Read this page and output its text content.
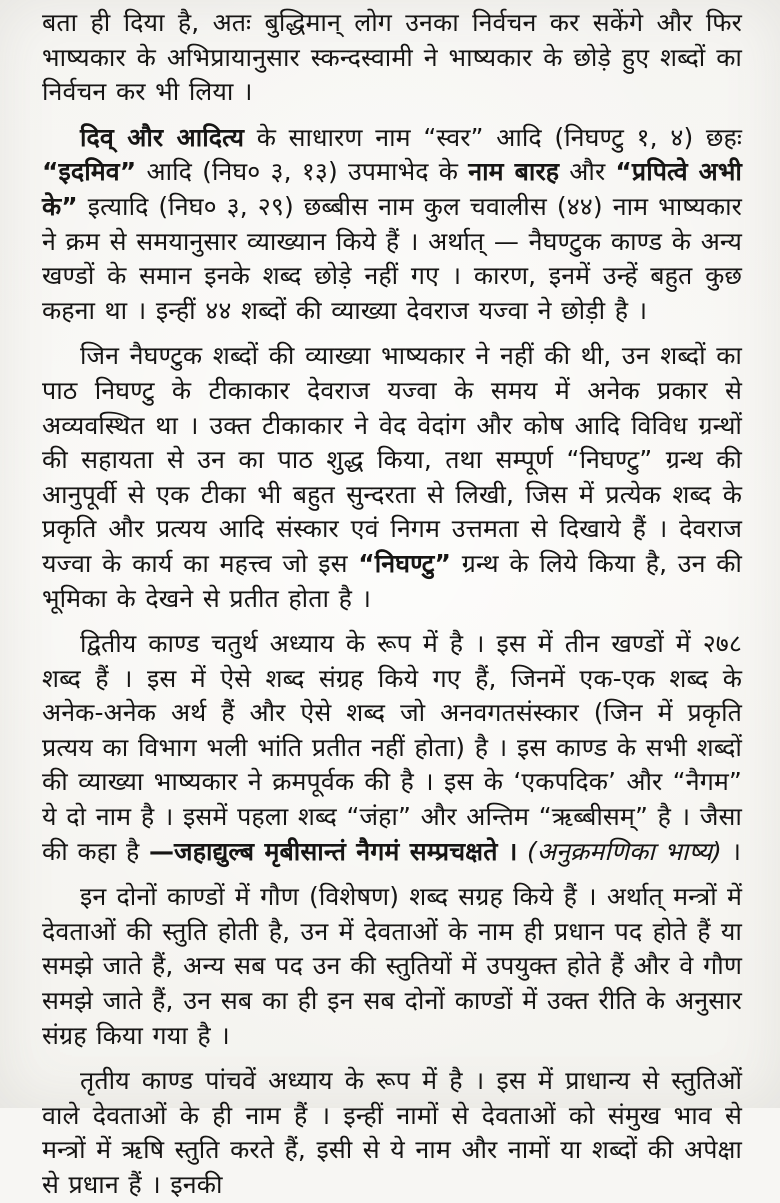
बता ही दिया है, अतः बुद्धिमान् लोग उनका निर्वचन कर सकेंगे और फिर भाष्यकार के अभिप्रायानुसार स्कन्दस्वामी ने भाष्यकार के छोड़े हुए शब्दों का निर्वचन कर भी लिया ।

दिव् और आदित्य के साधारण नाम “स्वर” आदि (निघण्टु १, ४) छहः “इदमिव” आदि (निघ० ३, १३) उपमाभेद के नाम बारह और “प्रपित्वे अभी के” इत्यादि (निघ० ३, २९) छब्बीस नाम कुल चवालीस (४४) नाम भाष्यकार ने क्रम से समयानुसार व्याख्यान किये हैं । अर्थात् — नैघण्टुक काण्ड के अन्य खण्डों के समान इनके शब्द छोड़े नहीं गए । कारण, इनमें उन्हें बहुत कुछ कहना था । इन्हीं ४४ शब्दों की व्याख्या देवराज यज्वा ने छोड़ी है ।

जिन नैघण्टुक शब्दों की व्याख्या भाष्यकार ने नहीं की थी, उन शब्दों का पाठ निघण्टु के टीकाकार देवराज यज्वा के समय में अनेक प्रकार से अव्यवस्थित था । उक्त टीकाकार ने वेद वेदांग और कोष आदि विविध ग्रन्थों की सहायता से उन का पाठ शुद्ध किया, तथा सम्पूर्ण “निघण्टु” ग्रन्थ की आनुपूर्वी से एक टीका भी बहुत सुन्दरता से लिखी, जिस में प्रत्येक शब्द के प्रकृति और प्रत्यय आदि संस्कार एवं निगम उत्तमता से दिखाये हैं । देवराज यज्वा के कार्य का महत्त्व जो इस “निघण्टु” ग्रन्थ के लिये किया है, उन की भूमिका के देखने से प्रतीत होता है ।

द्वितीय काण्ड चतुर्थ अध्याय के रूप में है । इस में तीन खण्डों में २७८ शब्द हैं । इस में ऐसे शब्द संग्रह किये गए हैं, जिनमें एक-एक शब्द के अनेक-अनेक अर्थ हैं और ऐसे शब्द जो अनवगतसंस्कार (जिन में प्रकृति प्रत्यय का विभाग भली भांति प्रतीत नहीं होता) है । इस काण्ड के सभी शब्दों की व्याख्या भाष्यकार ने क्रमपूर्वक की है । इस के ‘एकपदिक’ और “नैगम” ये दो नाम है । इसमें पहला शब्द “जंहा” और अन्तिम “ऋब्बीसम्” है । जैसा की कहा है —जहाद्युल्ब मृबीसान्तं नैगमं सम्प्रचक्षते । (अनुक्रमणिका भाष्य) ।

इन दोनों काण्डों में गौण (विशेषण) शब्द सग्रह किये हैं । अर्थात् मन्त्रों में देवताओं की स्तुति होती है, उन में देवताओं के नाम ही प्रधान पद होते हैं या समझे जाते हैं, अन्य सब पद उन की स्तुतियों में उपयुक्त होते हैं और वे गौण समझे जाते हैं, उन सब का ही इन सब दोनों काण्डों में उक्त रीति के अनुसार संग्रह किया गया है ।

तृतीय काण्ड पांचवें अध्याय के रूप में है । इस में प्राधान्य से स्तुतिओं वाले देवताओं के ही नाम हैं । इन्हीं नामों से देवताओं को संमुख भाव से मन्त्रों में ऋषि स्तुति करते हैं, इसी से ये नाम और नामों या शब्दों की अपेक्षा से प्रधान हैं । इनकी
